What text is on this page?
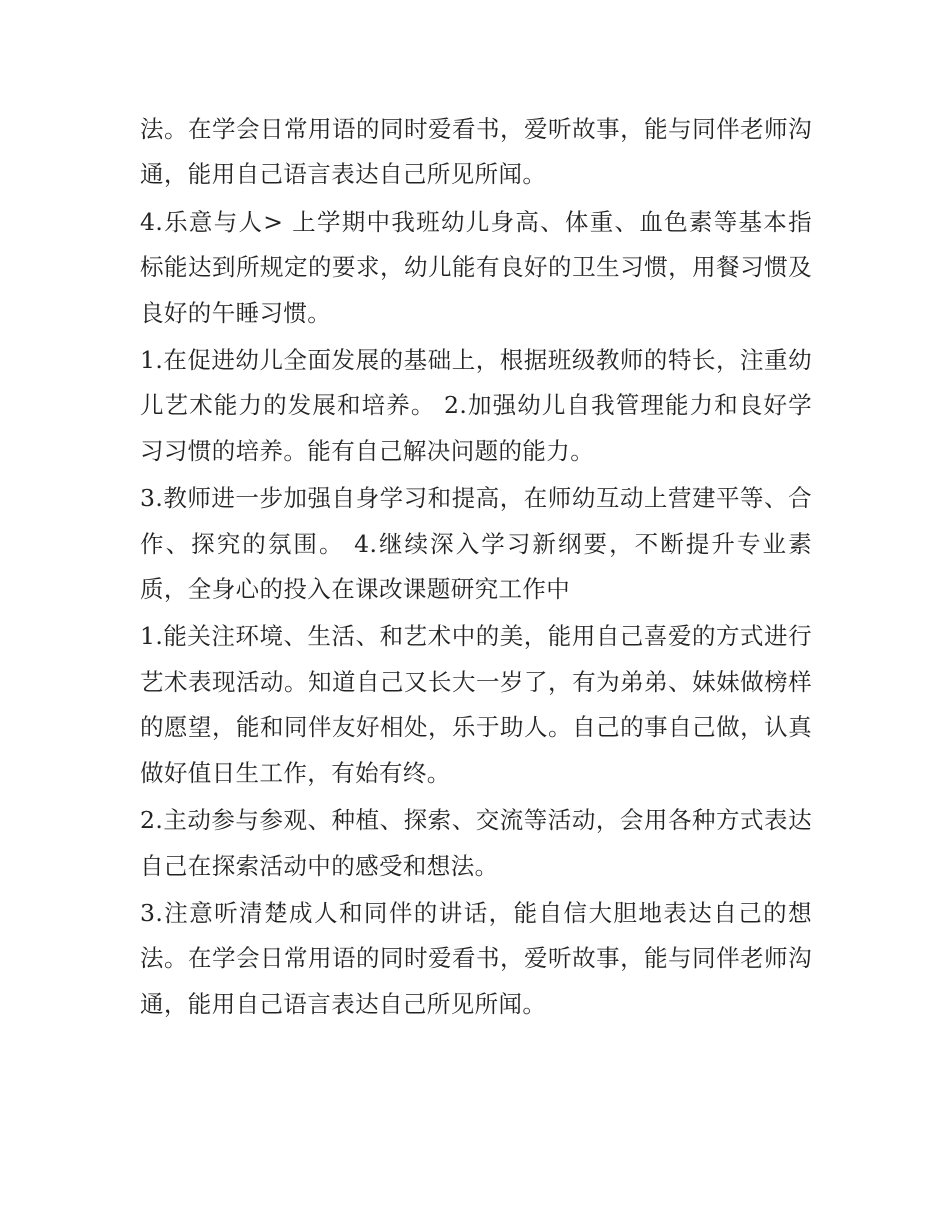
法。在学会日常用语的同时爱看书，爱听故事，能与同伴老师沟通，能用自己语言表达自己所见所闻。

4.乐意与人> 上学期中我班幼儿身高、体重、血色素等基本指标能达到所规定的要求，幼儿能有良好的卫生习惯，用餐习惯及良好的午睡习惯。

1.在促进幼儿全面发展的基础上，根据班级教师的特长，注重幼儿艺术能力的发展和培养。 2.加强幼儿自我管理能力和良好学习习惯的培养。能有自己解决问题的能力。

3.教师进一步加强自身学习和提高，在师幼互动上营建平等、合作、探究的氛围。 4.继续深入学习新纲要，不断提升专业素质，全身心的投入在课改课题研究工作中

1.能关注环境、生活、和艺术中的美，能用自己喜爱的方式进行艺术表现活动。知道自己又长大一岁了，有为弟弟、妹妹做榜样的愿望，能和同伴友好相处，乐于助人。自己的事自己做，认真做好值日生工作，有始有终。

2.主动参与参观、种植、探索、交流等活动，会用各种方式表达自己在探索活动中的感受和想法。

3.注意听清楚成人和同伴的讲话，能自信大胆地表达自己的想法。在学会日常用语的同时爱看书，爱听故事，能与同伴老师沟通，能用自己语言表达自己所见所闻。
